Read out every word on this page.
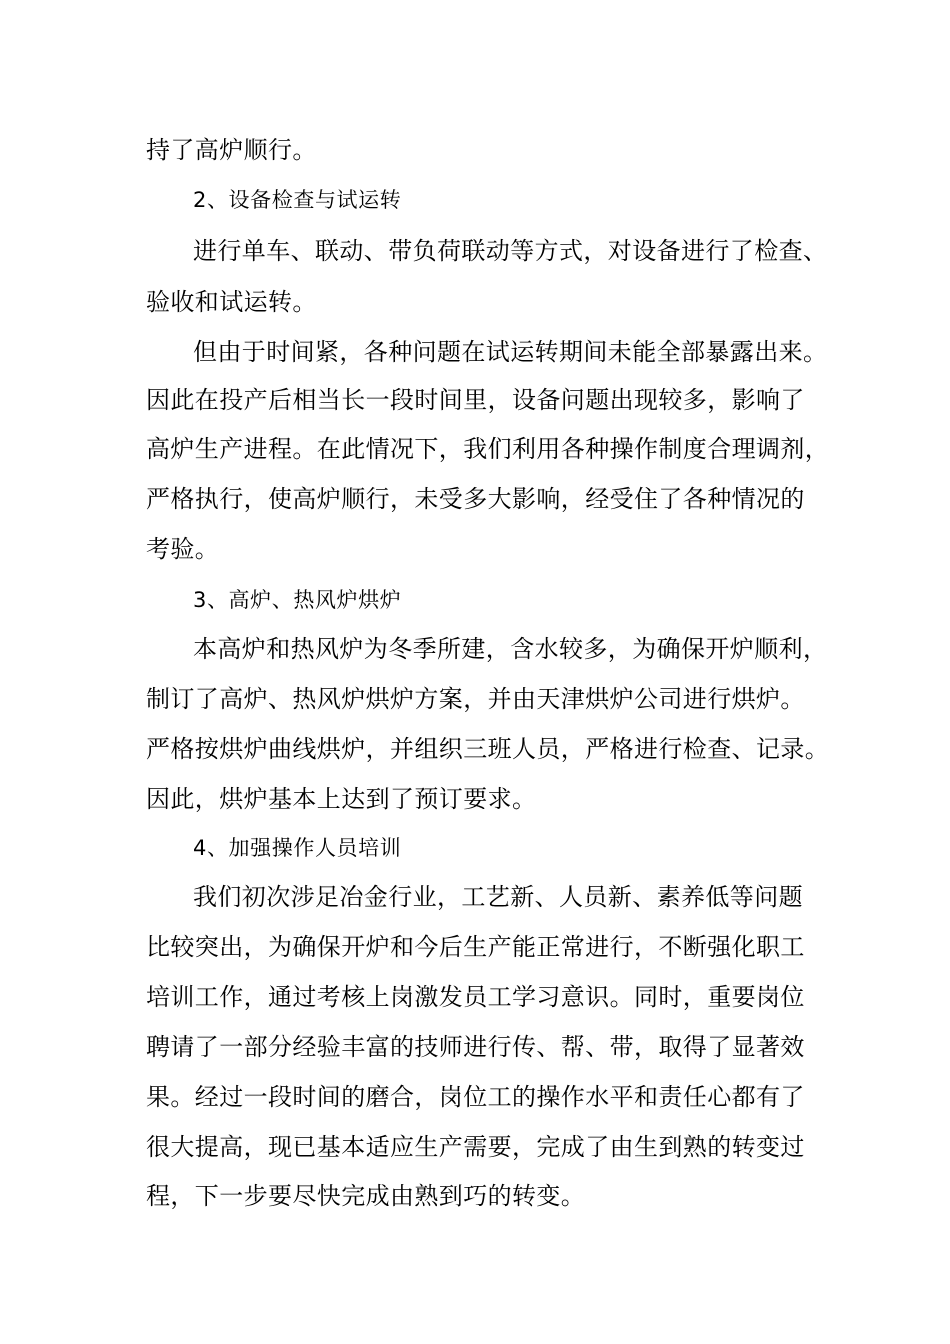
持了高炉顺行。
2、设备检查与试运转
进行单车、联动、带负荷联动等方式，对设备进行了检查、
验收和试运转。
但由于时间紧，各种问题在试运转期间未能全部暴露出来。
因此在投产后相当长一段时间里，设备问题出现较多，影响了
高炉生产进程。在此情况下，我们利用各种操作制度合理调剂，
严格执行，使高炉顺行，未受多大影响，经受住了各种情况的
考验。
3、高炉、热风炉烘炉
本高炉和热风炉为冬季所建，含水较多，为确保开炉顺利，
制订了高炉、热风炉烘炉方案，并由天津烘炉公司进行烘炉。
严格按烘炉曲线烘炉，并组织三班人员，严格进行检查、记录。
因此，烘炉基本上达到了预订要求。
4、加强操作人员培训
我们初次涉足冶金行业，工艺新、人员新、素养低等问题
比较突出，为确保开炉和今后生产能正常进行，不断强化职工
培训工作，通过考核上岗激发员工学习意识。同时，重要岗位
聘请了一部分经验丰富的技师进行传、帮、带，取得了显著效
果。经过一段时间的磨合，岗位工的操作水平和责任心都有了
很大提高，现已基本适应生产需要，完成了由生到熟的转变过
程，下一步要尽快完成由熟到巧的转变。
